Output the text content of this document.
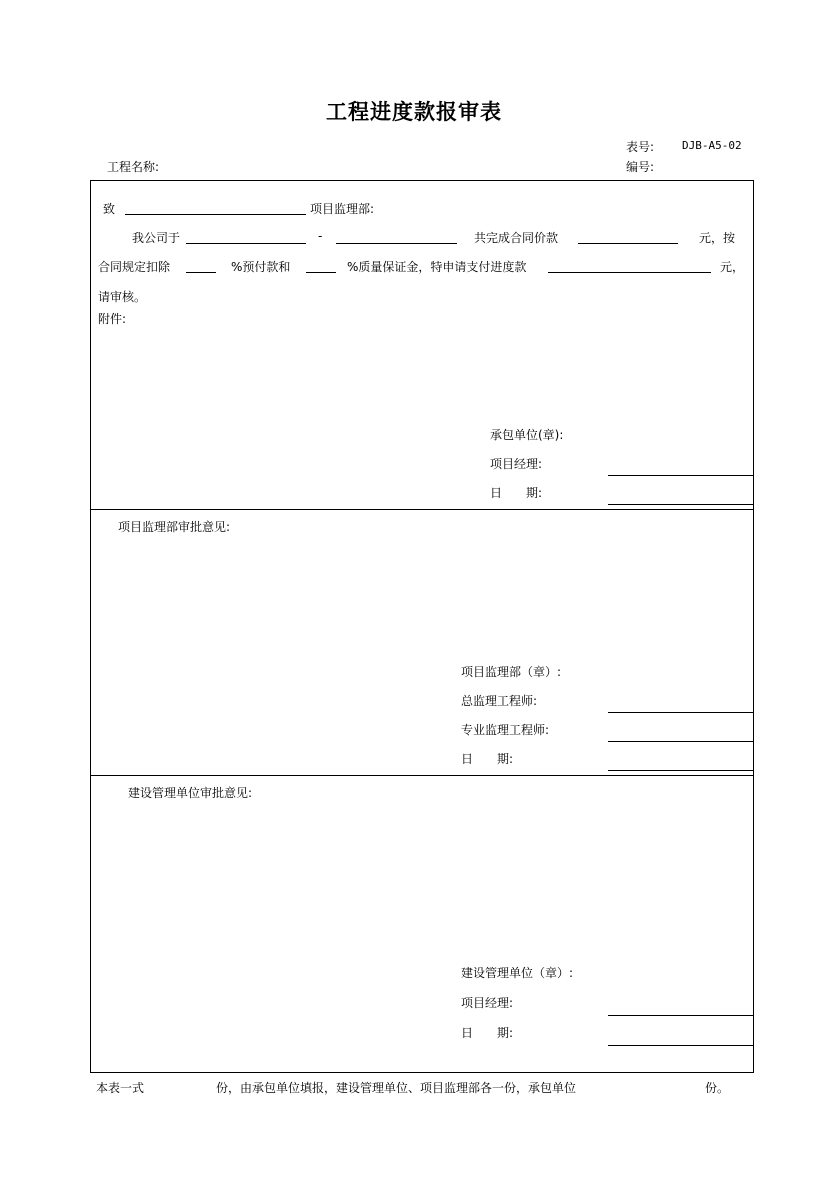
工程进度款报审表
表号:	DJB-A5-02
工程名称:	编号:
致	项目监理部:
我公司于	-	共完成合同价款	元，按
合同规定扣除	%预付款和	%质量保证金，特申请支付进度款	元，
请审核。
附件:
承包单位(章):
项目经理:
日　　期:
项目监理部审批意见:
项目监理部（章）:
总监理工程师:
专业监理工程师:
日　　期:
建设管理单位审批意见:
建设管理单位（章）:
项目经理:
日　　期:
本表一式	份，由承包单位填报，建设管理单位、项目监理部各一份，承包单位	份。
